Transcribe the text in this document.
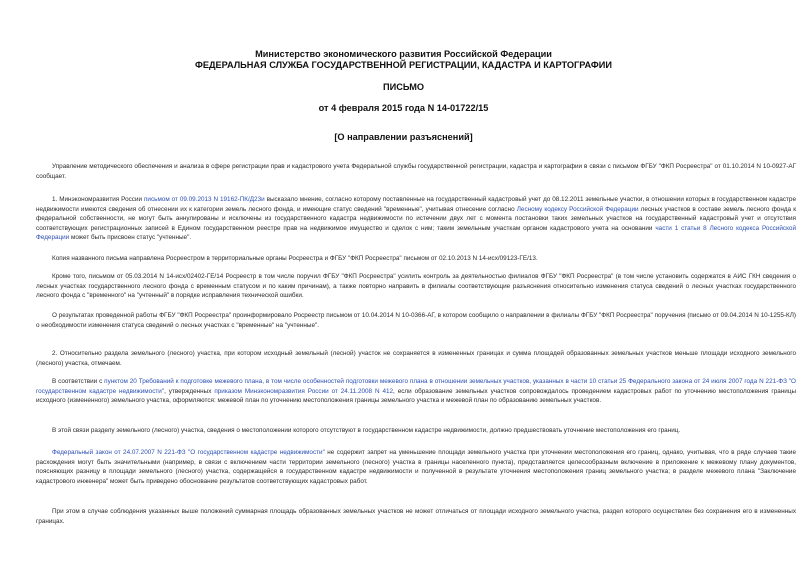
Министерство экономического развития Российской Федерации
ФЕДЕРАЛЬНАЯ СЛУЖБА ГОСУДАРСТВЕННОЙ РЕГИСТРАЦИИ, КАДАСТРА И КАРТОГРАФИИ
ПИСЬМО
от 4 февраля 2015 года N 14-01722/15
[О направлении разъяснений]

Управление методического обеспечения и анализа в сфере регистрации прав и кадастрового учета Федеральной службы государственной регистрации, кадастра и картографии в связи с письмом ФГБУ "ФКП Росреестра" от 01.10.2014 N 10-0927-АГ сообщает.

1. Минэкономразвития России письмом от 09.09.2013 N 19162-ПК/Д23и высказало мнение, согласно которому поставленные на государственный кадастровый учет до 08.12.2011 земельные участки, в отношении которых в государственном кадастре недвижимости имеются сведения об отнесении их к категории земель лесного фонда, и имеющие статус сведений "временные", учитывая отнесение согласно Лесному кодексу Российской Федерации лесных участков в составе земель лесного фонда к федеральной собственности, не могут быть аннулированы и исключены из государственного кадастра недвижимости по истечении двух лет с момента постановки таких земельных участков на государственный кадастровый учет и отсутствия соответствующих регистрационных записей в Едином государственном реестре прав на недвижимое имущество и сделок с ним; таким земельным участкам органом кадастрового учета на основании части 1 статьи 8 Лесного кодекса Российской Федерации может быть присвоен статус "учтенные".

Копия названного письма направлена Росреестром в территориальные органы Росреестра и ФГБУ "ФКП Росреестра" письмом от 02.10.2013 N 14-исх/09123-ГЕ/13.

Кроме того, письмом от 05.03.2014 N 14-исх/02402-ГЕ/14 Росреестр в том числе поручил ФГБУ "ФКП Росреестра" усилить контроль за деятельностью филиалов ФГБУ "ФКП Росреестра" (в том числе установить содержатся в АИС ГКН сведения о лесных участках государственного лесного фонда с временным статусом и по каким причинам), а также повторно направить в филиалы соответствующие разъяснения относительно изменения статуса сведений о лесных участках государственного лесного фонда с "временного" на "учтенный" в порядке исправления технической ошибки.

О результатах проведенной работы ФГБУ "ФКП Росреестра" проинформировало Росреестр письмом от 10.04.2014 N 10-0366-АГ, в котором сообщило о направлении в филиалы ФГБУ "ФКП Росреестра" поручения (письмо от 09.04.2014 N 10-1255-КЛ) о необходимости изменения статуса сведений о лесных участках с "временные" на "учтенные".

2. Относительно раздела земельного (лесного) участка, при котором исходный земельный (лесной) участок не сохраняется в измененных границах и сумма площадей образованных земельных участков меньше площади исходного земельного (лесного) участка, отмечаем.

В соответствии с пунктом 20 Требований к подготовке межевого плана, в том числе особенностей подготовки межевого плана в отношении земельных участков, указанных в части 10 статьи 25 Федерального закона от 24 июля 2007 года N 221-ФЗ "О государственном кадастре недвижимости", утвержденных приказом Минэкономразвития России от 24.11.2008 N 412, если образование земельных участков сопровождалось проведением кадастровых работ по уточнению местоположения границы исходного (измененного) земельного участка, оформляются: межевой план по уточнению местоположения границы земельного участка и межевой план по образованию земельных участков.

В этой связи разделу земельного (лесного) участка, сведения о местоположении которого отсутствуют в государственном кадастре недвижимости, должно предшествовать уточнение местоположения его границ.

Федеральный закон от 24.07.2007 N 221-ФЗ "О государственном кадастре недвижимости" не содержит запрет на уменьшение площади земельного участка при уточнении местоположения его границ, однако, учитывая, что в ряде случаев такие расхождения могут быть значительными (например, в связи с включением части территории земельного (лесного) участка в границы населенного пункта), представляется целесообразным включение в приложение к межевому плану документов, поясняющих разницу в площади земельного (лесного) участка, содержащейся в государственном кадастре недвижимости и полученной в результате уточнения местоположения границ земельного участка; в разделе межевого плана "Заключение кадастрового инженера" может быть приведено обоснование результатов соответствующих кадастровых работ.

При этом в случае соблюдения указанных выше положений суммарная площадь образованных земельных участков не может отличаться от площади исходного земельного участка, раздел которого осуществлен без сохранения его в измененных границах.
